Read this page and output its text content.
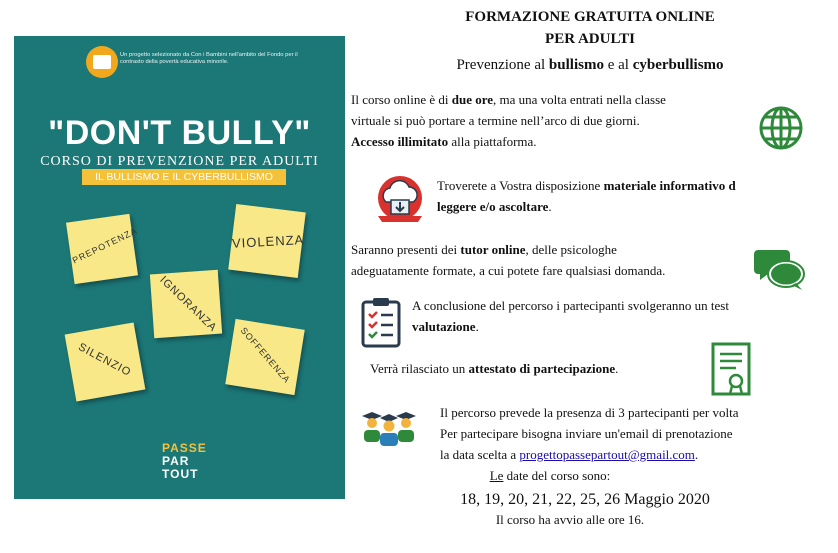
Un progetto selezionato da Con i Bambini nell'ambito del Fondo per il contrasto della povertà educativa minorile.
"DON'T BULLY"
CORSO DI PREVENZIONE PER ADULTI
IL BULLISMO E IL CYBERBULLISMO
PREPOTENZA	VIOLENZA
IGNORANZA
SILENZIO	SOFFERENZA
PASSE
PAR
TOUT
FORMAZIONE GRATUITA ONLINE
PER ADULTI
Prevenzione al bullismo e al cyberbullismo
Il corso online è di due ore, ma una volta entrati nella classe
virtuale si può portare a termine nell’arco di due giorni.
Accesso illimitato alla piattaforma.
Troverete a Vostra disposizione materiale informativo d
leggere e/o ascoltare.
Saranno presenti dei tutor online, delle psicologhe
adeguatamente formate, a cui potete fare qualsiasi domanda.
A conclusione del percorso i partecipanti svolgeranno un test
valutazione.
Verrà rilasciato un attestato di partecipazione.
Il percorso prevede la presenza di 3 partecipanti per volta
Per partecipare bisogna inviare un'email di prenotazione
la data scelta a progettopassepartout@gmail.com.
Le date del corso sono:
18, 19, 20, 21, 22, 25, 26 Maggio 2020
Il corso ha avvio alle ore 16.
